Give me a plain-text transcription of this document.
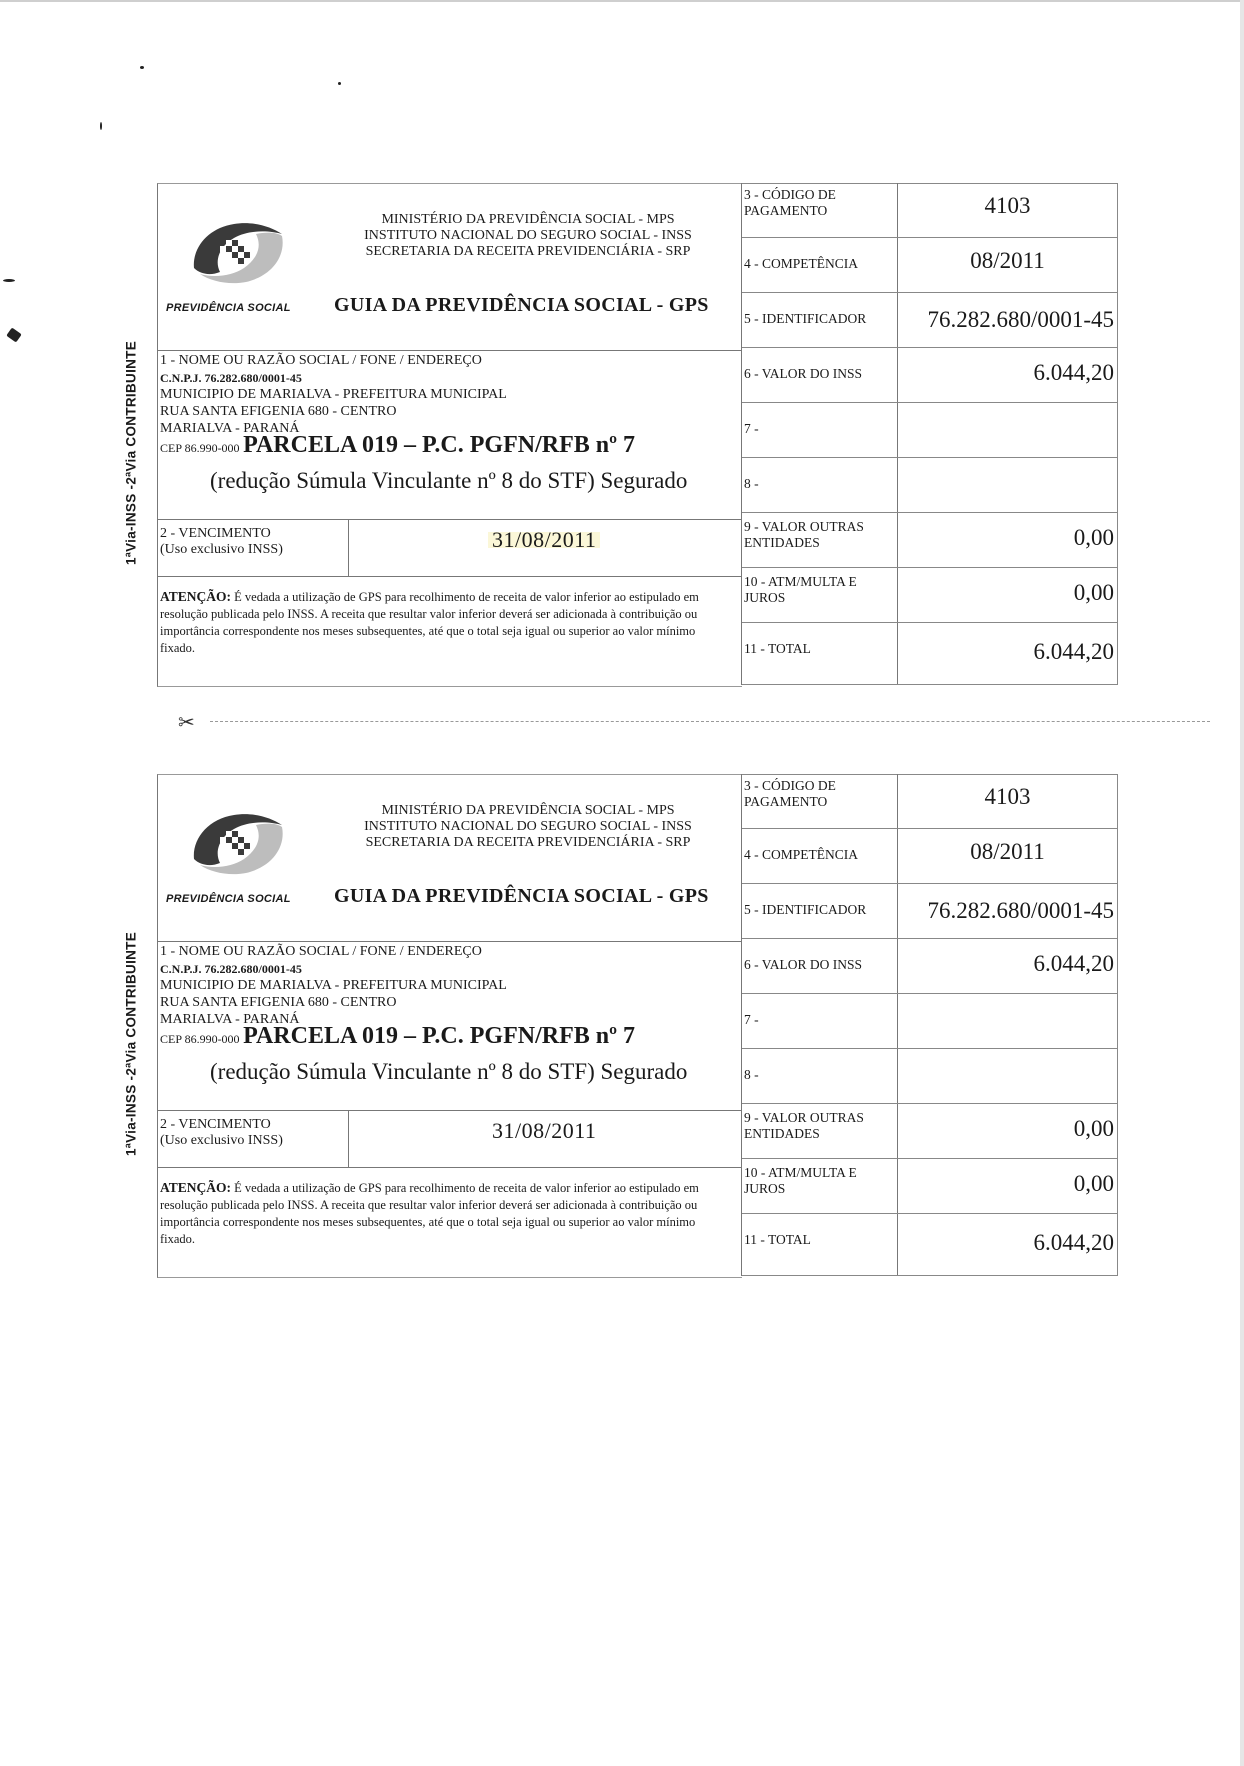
1ªVia-INSS -2ªVia CONTRIBUINTE
PREVIDÊNCIA SOCIAL
MINISTÉRIO DA PREVIDÊNCIA SOCIAL - MPS
INSTITUTO NACIONAL DO SEGURO SOCIAL - INSS
SECRETARIA DA RECEITA PREVIDENCIÁRIA - SRP
GUIA DA PREVIDÊNCIA SOCIAL - GPS
1 - NOME OU RAZÃO SOCIAL / FONE / ENDEREÇO
C.N.P.J. 76.282.680/0001-45
MUNICIPIO DE MARIALVA - PREFEITURA MUNICIPAL
RUA SANTA EFIGENIA 680 - CENTRO
MARIALVA - PARANÁ
CEP 86.990-000 PARCELA 019 – P.C. PGFN/RFB nº 7
(redução Súmula Vinculante nº 8 do STF) Segurado
2 - VENCIMENTO
(Uso exclusivo INSS)	31/08/2011
ATENÇÃO: É vedada a utilização de GPS para recolhimento de receita de valor inferior ao estipulado em resolução publicada pelo INSS. A receita que resultar valor inferior deverá ser adicionada à contribuição ou importância correspondente nos meses subsequentes, até que o total seja igual ou superior ao valor mínimo fixado.
3 - CÓDIGO DE PAGAMENTO	4103
4 - COMPETÊNCIA	08/2011
5 - IDENTIFICADOR	76.282.680/0001-45
6 - VALOR DO INSS	6.044,20
7 -
8 -
9 - VALOR OUTRAS ENTIDADES	0,00
10 - ATM/MULTA E JUROS	0,00
11 - TOTAL	6.044,20
✂
1ªVia-INSS -2ªVia CONTRIBUINTE
PREVIDÊNCIA SOCIAL
MINISTÉRIO DA PREVIDÊNCIA SOCIAL - MPS
INSTITUTO NACIONAL DO SEGURO SOCIAL - INSS
SECRETARIA DA RECEITA PREVIDENCIÁRIA - SRP
GUIA DA PREVIDÊNCIA SOCIAL - GPS
1 - NOME OU RAZÃO SOCIAL / FONE / ENDEREÇO
C.N.P.J. 76.282.680/0001-45
MUNICIPIO DE MARIALVA - PREFEITURA MUNICIPAL
RUA SANTA EFIGENIA 680 - CENTRO
MARIALVA - PARANÁ
CEP 86.990-000 PARCELA 019 – P.C. PGFN/RFB nº 7
(redução Súmula Vinculante nº 8 do STF) Segurado
2 - VENCIMENTO
(Uso exclusivo INSS)	31/08/2011
ATENÇÃO: É vedada a utilização de GPS para recolhimento de receita de valor inferior ao estipulado em resolução publicada pelo INSS. A receita que resultar valor inferior deverá ser adicionada à contribuição ou importância correspondente nos meses subsequentes, até que o total seja igual ou superior ao valor mínimo fixado.
3 - CÓDIGO DE PAGAMENTO	4103
4 - COMPETÊNCIA	08/2011
5 - IDENTIFICADOR	76.282.680/0001-45
6 - VALOR DO INSS	6.044,20
7 -
8 -
9 - VALOR OUTRAS ENTIDADES	0,00
10 - ATM/MULTA E JUROS	0,00
11 - TOTAL	6.044,20
